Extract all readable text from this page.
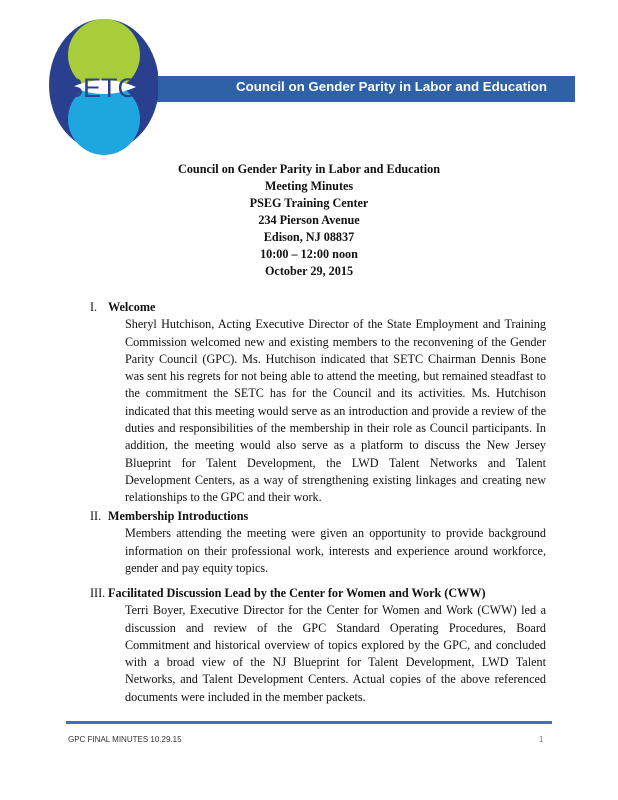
SETC	Council on Gender Parity in Labor and Education
Council on Gender Parity in Labor and Education
Meeting Minutes
PSEG Training Center
234 Pierson Avenue
Edison, NJ 08837
10:00 – 12:00 noon
October 29, 2015
I. Welcome
Sheryl Hutchison, Acting Executive Director of the State Employment and Training Commission welcomed new and existing members to the reconvening of the Gender Parity Council (GPC). Ms. Hutchison indicated that SETC Chairman Dennis Bone was sent his regrets for not being able to attend the meeting, but remained steadfast to the commitment the SETC has for the Council and its activities. Ms. Hutchison indicated that this meeting would serve as an introduction and provide a review of the duties and responsibilities of the membership in their role as Council participants. In addition, the meeting would also serve as a platform to discuss the New Jersey Blueprint for Talent Development, the LWD Talent Networks and Talent Development Centers, as a way of strengthening existing linkages and creating new relationships to the GPC and their work.
II. Membership Introductions
Members attending the meeting were given an opportunity to provide background information on their professional work, interests and experience around workforce, gender and pay equity topics.
III. Facilitated Discussion Lead by the Center for Women and Work (CWW)
Terri Boyer, Executive Director for the Center for Women and Work (CWW) led a discussion and review of the GPC Standard Operating Procedures, Board Commitment and historical overview of topics explored by the GPC, and concluded with a broad view of the NJ Blueprint for Talent Development, LWD Talent Networks, and Talent Development Centers. Actual copies of the above referenced documents were included in the member packets.
GPC FINAL MINUTES 10.29.15	1
